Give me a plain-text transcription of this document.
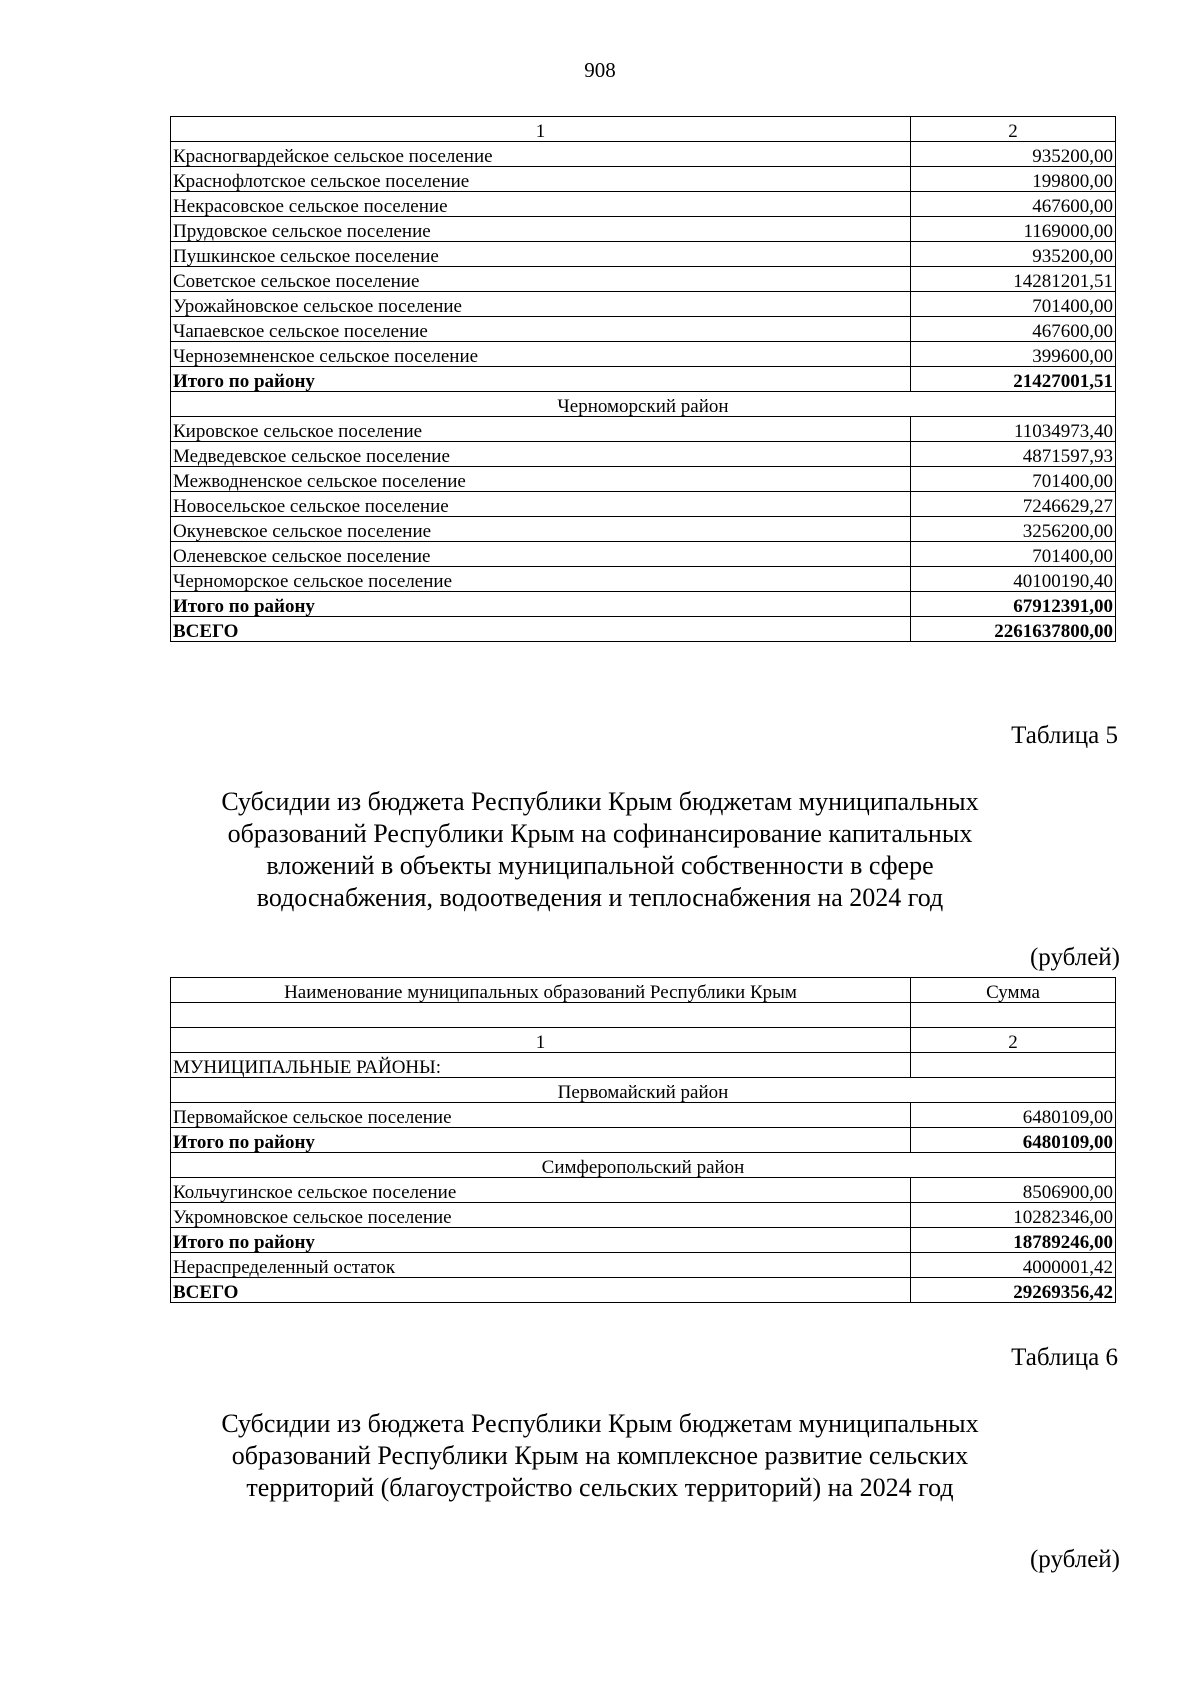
908
1	2
Красногвардейское сельское поселение	935200,00
Краснофлотское сельское поселение	199800,00
Некрасовское сельское поселение	467600,00
Прудовское сельское поселение	1169000,00
Пушкинское сельское поселение	935200,00
Советское сельское поселение	14281201,51
Урожайновское сельское поселение	701400,00
Чапаевское сельское поселение	467600,00
Черноземненское сельское поселение	399600,00
Итого по району	21427001,51
Черноморский район	
Кировское сельское поселение	11034973,40
Медведевское сельское поселение	4871597,93
Межводненское сельское поселение	701400,00
Новосельское сельское поселение	7246629,27
Окуневское сельское поселение	3256200,00
Оленевское сельское поселение	701400,00
Черноморское сельское поселение	40100190,40
Итого по району	67912391,00
ВСЕГО	2261637800,00
Таблица 5
Субсидии из бюджета Республики Крым бюджетам муниципальных
образований Республики Крым на софинансирование капитальных
вложений в объекты муниципальной собственности в сфере
водоснабжения, водоотведения и теплоснабжения на 2024 год
(рублей)
Наименование муниципальных образований Республики Крым	Сумма

1	2
МУНИЦИПАЛЬНЫЕ РАЙОНЫ:	
Первомайский район	
Первомайское сельское поселение	6480109,00
Итого по району	6480109,00
Симферопольский район	
Кольчугинское сельское поселение	8506900,00
Укромновское сельское поселение	10282346,00
Итого по району	18789246,00
Нераспределенный остаток	4000001,42
ВСЕГО	29269356,42
Таблица 6
Субсидии из бюджета Республики Крым бюджетам муниципальных
образований Республики Крым на комплексное развитие сельских
территорий (благоустройство сельских территорий) на 2024 год
(рублей)
